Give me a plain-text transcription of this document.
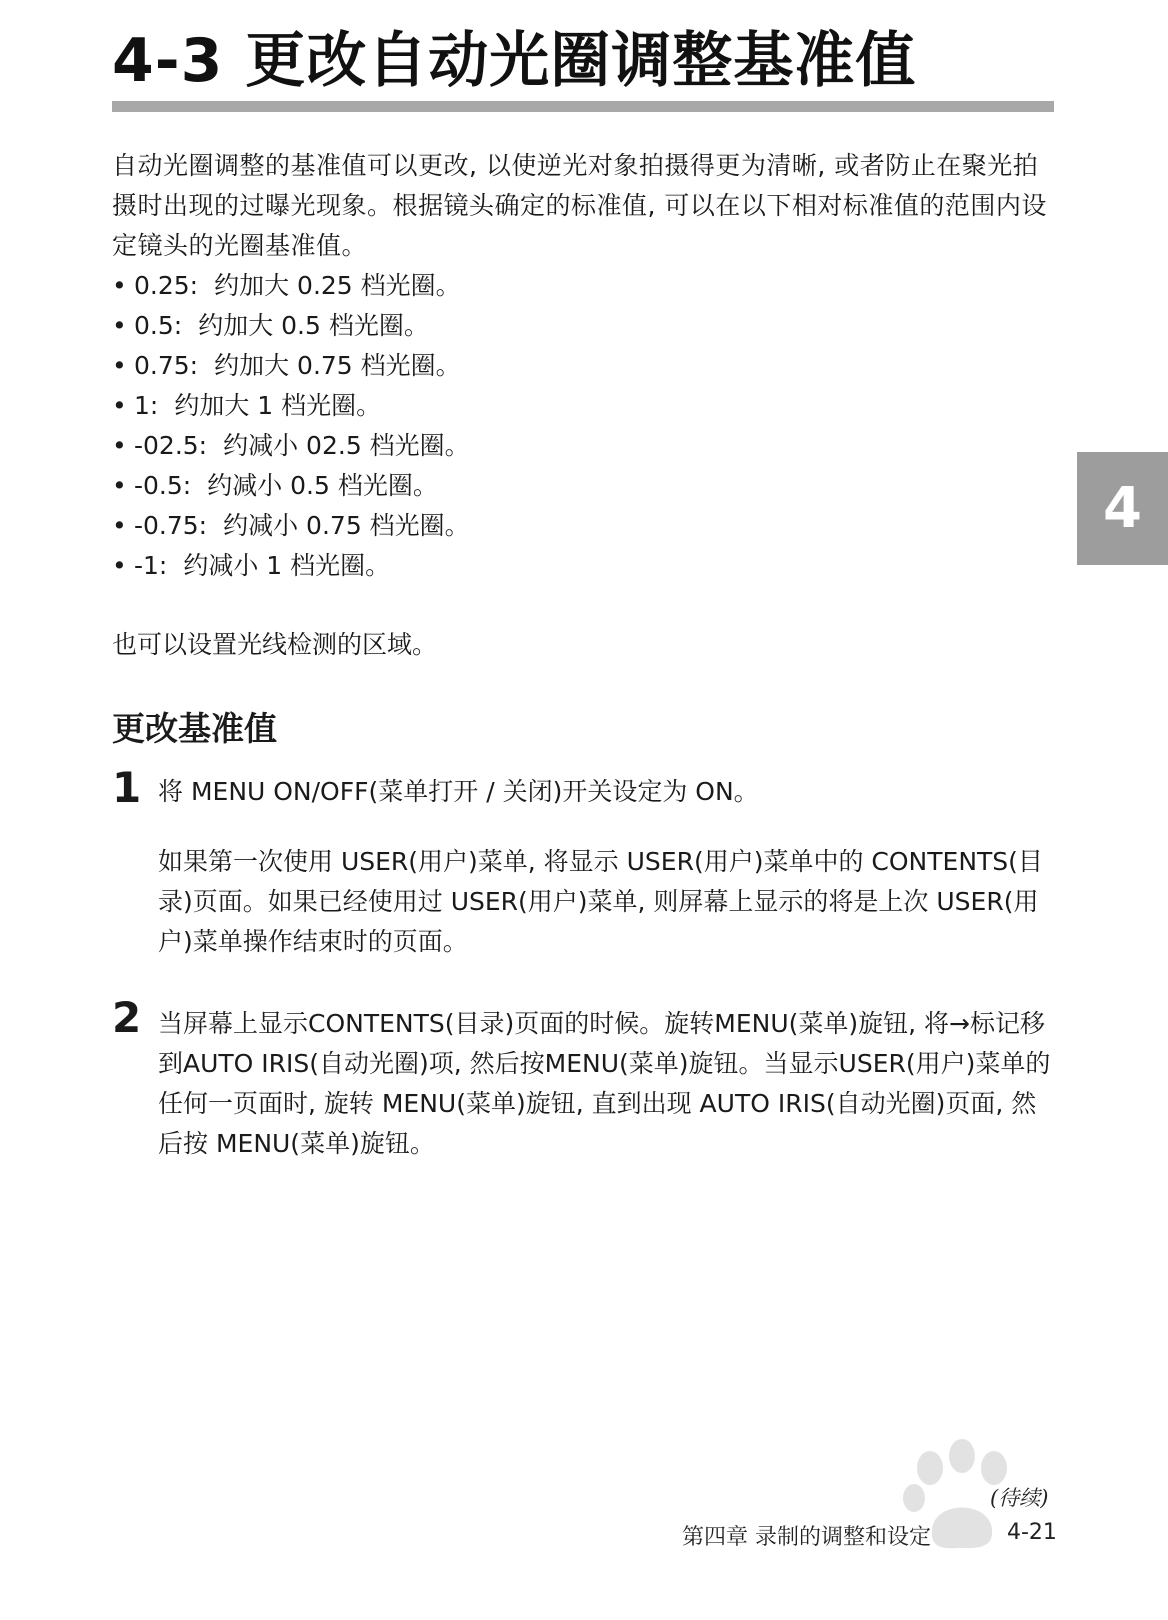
4-3 更改自动光圈调整基准值

自动光圈调整的基准值可以更改, 以使逆光对象拍摄得更为清晰, 或者防止在聚光拍摄时出现的过曝光现象。根据镜头确定的标准值, 可以在以下相对标准值的范围内设定镜头的光圈基准值。

• 0.25: 约加大 0.25 档光圈。
• 0.5: 约加大 0.5 档光圈。
• 0.75: 约加大 0.75 档光圈。
• 1: 约加大 1 档光圈。
• -02.5: 约减小 02.5 档光圈。
• -0.5: 约减小 0.5 档光圈。
• -0.75: 约减小 0.75 档光圈。
• -1: 约减小 1 档光圈。

也可以设置光线检测的区域。

更改基准值
1 将 MENU ON/OFF(菜单打开 / 关闭)开关设定为 ON。

如果第一次使用 USER(用户)菜单, 将显示 USER(用户)菜单中的 CONTENTS(目录)页面。如果已经使用过 USER(用户)菜单, 则屏幕上显示的将是上次 USER(用户)菜单操作结束时的页面。

2 当屏幕上显示CONTENTS(目录)页面的时候。旋转MENU(菜单)旋钮, 将→标记移到AUTO IRIS(自动光圈)项, 然后按MENU(菜单)旋钮。当显示USER(用户)菜单的任何一页面时, 旋转 MENU(菜单)旋钮, 直到出现 AUTO IRIS(自动光圈)页面, 然后按 MENU(菜单)旋钮。

4
(待续)
第四章 录制的调整和设定	4-21
